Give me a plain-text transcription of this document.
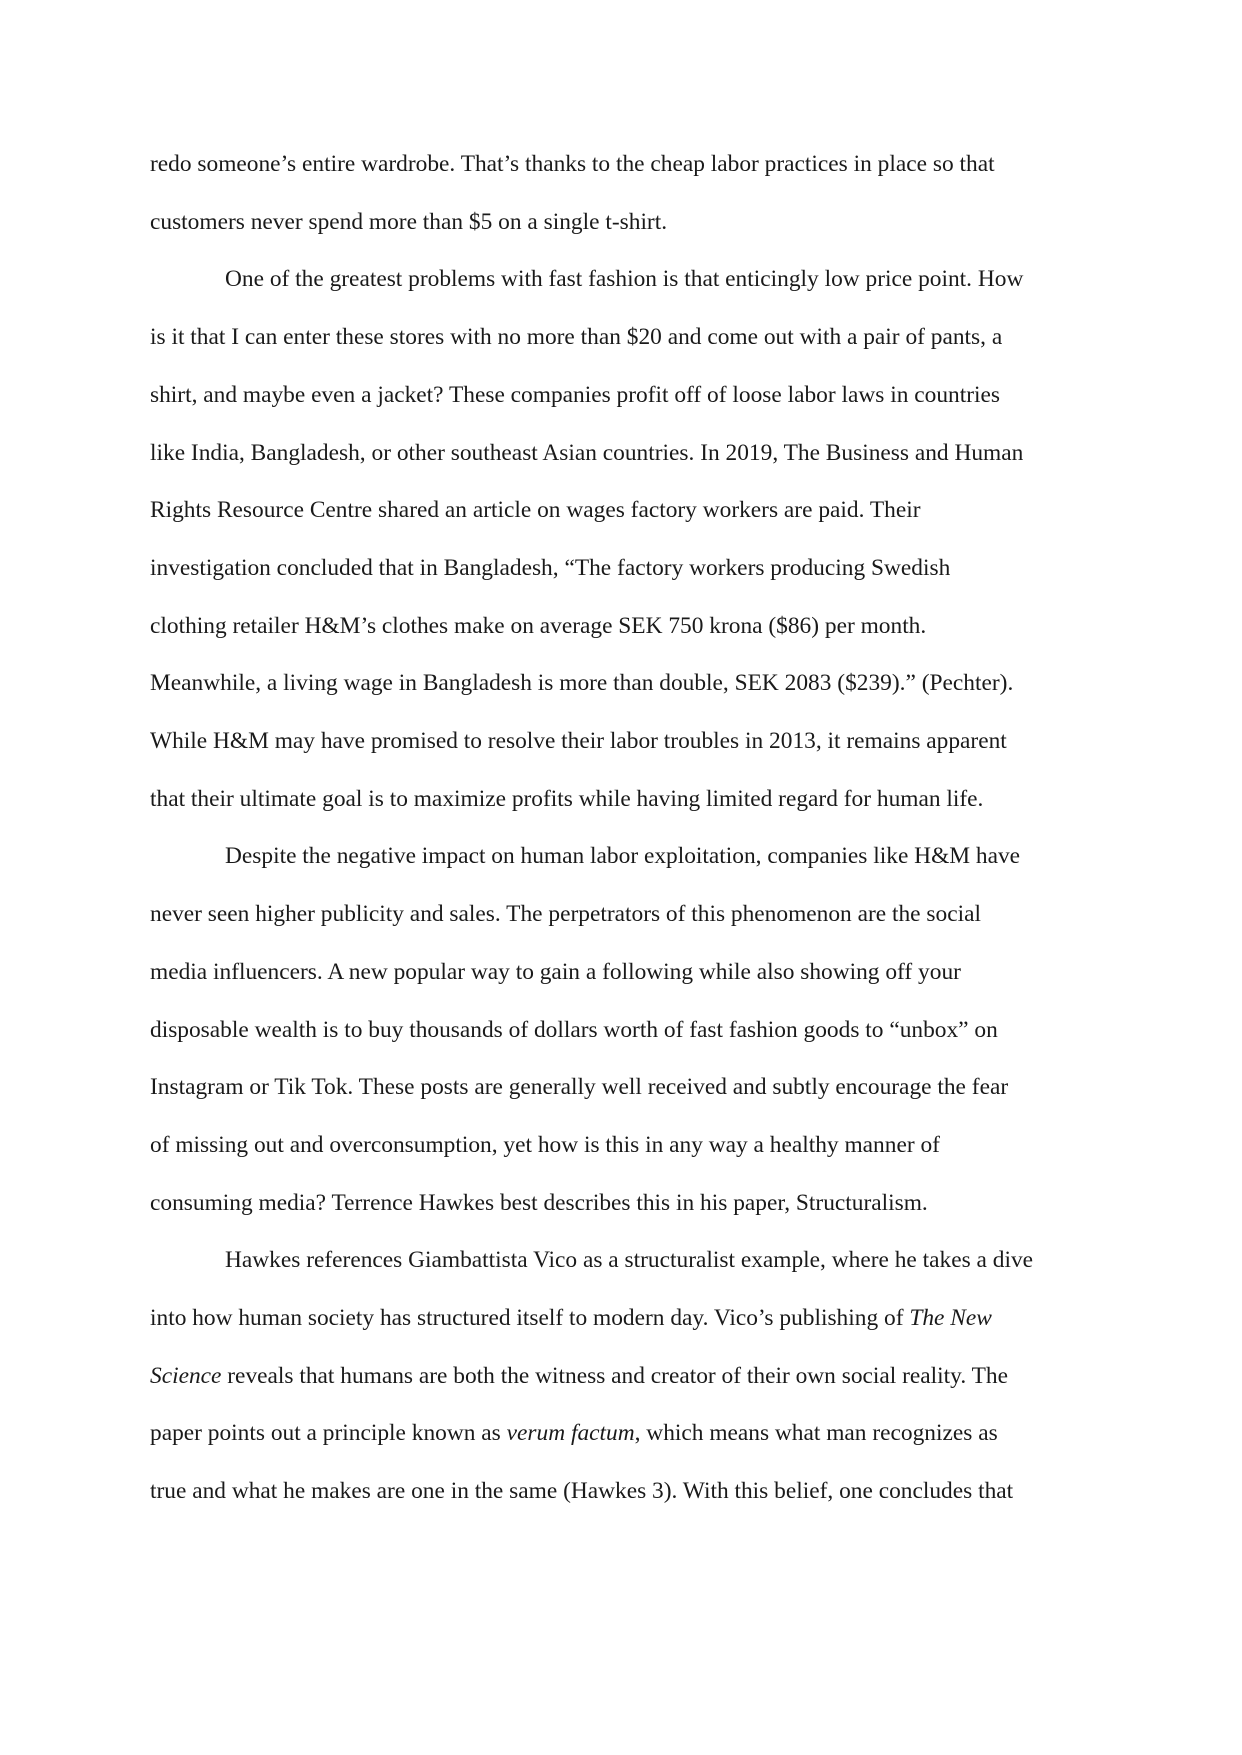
redo someone’s entire wardrobe. That’s thanks to the cheap labor practices in place so that
customers never spend more than $5 on a single t-shirt.
One of the greatest problems with fast fashion is that enticingly low price point. How
is it that I can enter these stores with no more than $20 and come out with a pair of pants, a
shirt, and maybe even a jacket? These companies profit off of loose labor laws in countries
like India, Bangladesh, or other southeast Asian countries. In 2019, The Business and Human
Rights Resource Centre shared an article on wages factory workers are paid. Their
investigation concluded that in Bangladesh, “The factory workers producing Swedish
clothing retailer H&M’s clothes make on average SEK 750 krona ($86) per month.
Meanwhile, a living wage in Bangladesh is more than double, SEK 2083 ($239).” (Pechter).
While H&M may have promised to resolve their labor troubles in 2013, it remains apparent
that their ultimate goal is to maximize profits while having limited regard for human life.
Despite the negative impact on human labor exploitation, companies like H&M have
never seen higher publicity and sales. The perpetrators of this phenomenon are the social
media influencers. A new popular way to gain a following while also showing off your
disposable wealth is to buy thousands of dollars worth of fast fashion goods to “unbox” on
Instagram or Tik Tok. These posts are generally well received and subtly encourage the fear
of missing out and overconsumption, yet how is this in any way a healthy manner of
consuming media? Terrence Hawkes best describes this in his paper, Structuralism.
Hawkes references Giambattista Vico as a structuralist example, where he takes a dive
into how human society has structured itself to modern day. Vico’s publishing of The New
Science reveals that humans are both the witness and creator of their own social reality. The
paper points out a principle known as verum factum, which means what man recognizes as
true and what he makes are one in the same (Hawkes 3). With this belief, one concludes that
